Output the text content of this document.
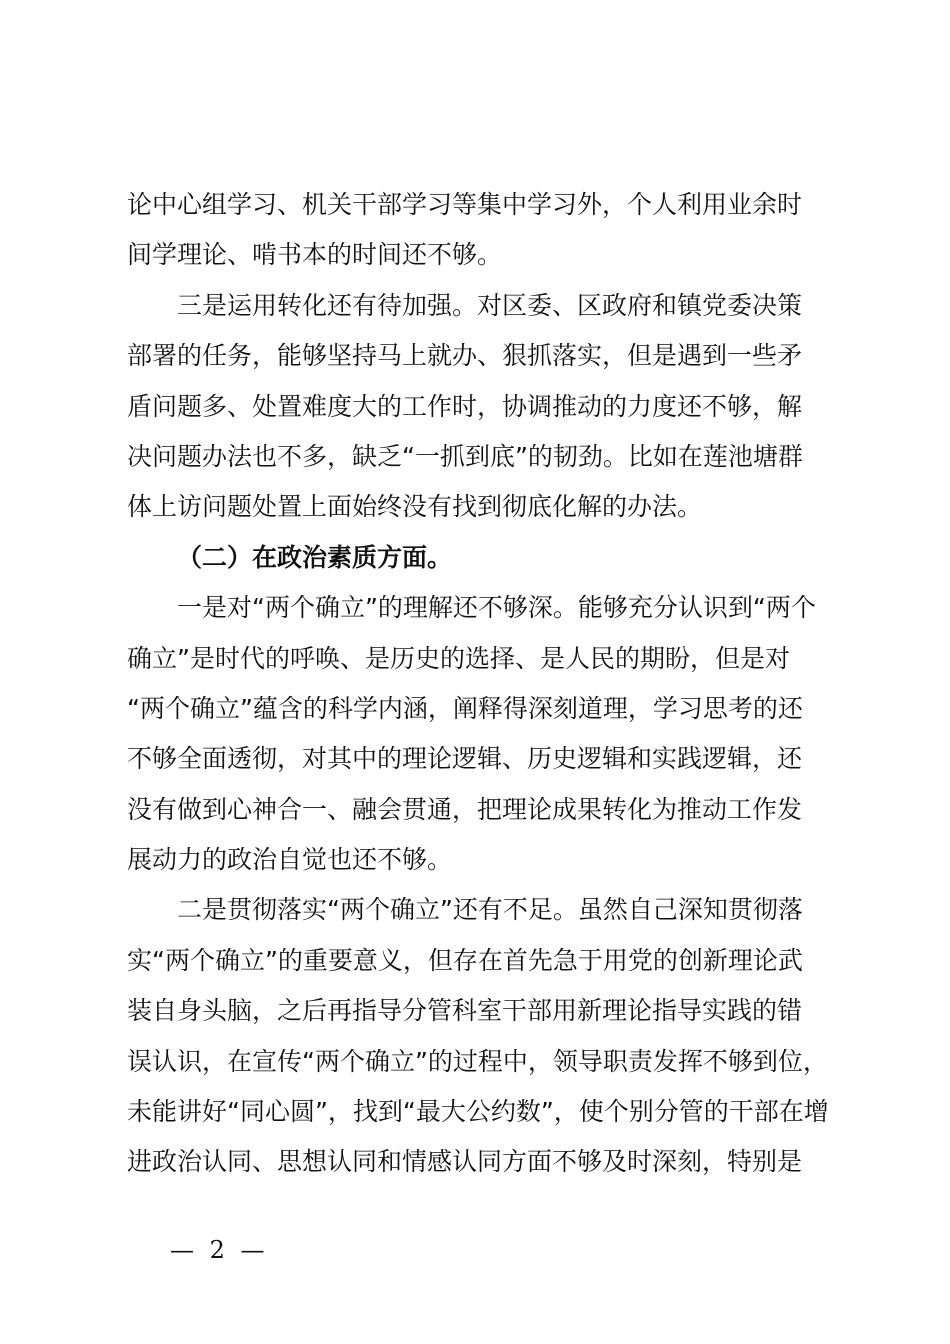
论中心组学习、机关干部学习等集中学习外，个人利用业余时
间学理论、啃书本的时间还不够。
三是运用转化还有待加强。对区委、区政府和镇党委决策
部署的任务，能够坚持马上就办、狠抓落实，但是遇到一些矛
盾问题多、处置难度大的工作时，协调推动的力度还不够，解
决问题办法也不多，缺乏“一抓到底”的韧劲。比如在莲池塘群
体上访问题处置上面始终没有找到彻底化解的办法。
（二）在政治素质方面。
一是对“两个确立”的理解还不够深。能够充分认识到“两个
确立”是时代的呼唤、是历史的选择、是人民的期盼，但是对
“两个确立”蕴含的科学内涵，阐释得深刻道理，学习思考的还
不够全面透彻，对其中的理论逻辑、历史逻辑和实践逻辑，还
没有做到心神合一、融会贯通，把理论成果转化为推动工作发
展动力的政治自觉也还不够。
二是贯彻落实“两个确立”还有不足。虽然自己深知贯彻落
实“两个确立”的重要意义，但存在首先急于用党的创新理论武
装自身头脑，之后再指导分管科室干部用新理论指导实践的错
误认识，在宣传“两个确立”的过程中，领导职责发挥不够到位，
未能讲好“同心圆”，找到“最大公约数”，使个别分管的干部在增
进政治认同、思想认同和情感认同方面不够及时深刻，特别是
— 2 —
